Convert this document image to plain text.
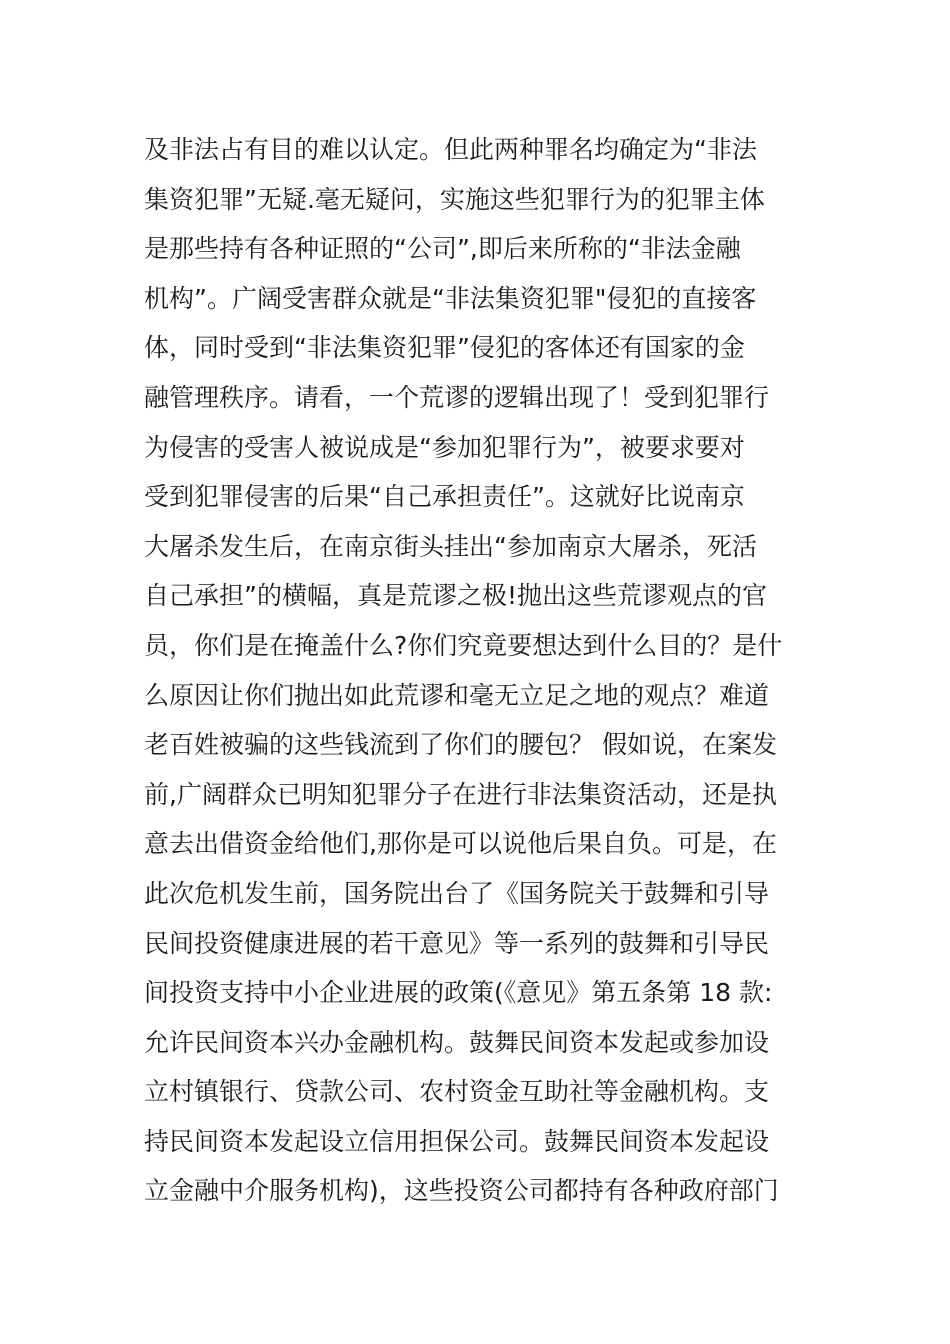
及非法占有目的难以认定。但此两种罪名均确定为“非法
集资犯罪”无疑.毫无疑问，实施这些犯罪行为的犯罪主体
是那些持有各种证照的“公司”,即后来所称的“非法金融
机构”。广阔受害群众就是“非法集资犯罪"侵犯的直接客
体，同时受到“非法集资犯罪”侵犯的客体还有国家的金
融管理秩序。请看，一个荒谬的逻辑出现了！受到犯罪行
为侵害的受害人被说成是“参加犯罪行为”，被要求要对
受到犯罪侵害的后果“自己承担责任”。这就好比说南京
大屠杀发生后，在南京街头挂出“参加南京大屠杀，死活
自己承担”的横幅，真是荒谬之极!抛出这些荒谬观点的官
员，你们是在掩盖什么?你们究竟要想达到什么目的？是什
么原因让你们抛出如此荒谬和毫无立足之地的观点？难道
老百姓被骗的这些钱流到了你们的腰包？ 假如说，在案发
前,广阔群众已明知犯罪分子在进行非法集资活动，还是执
意去出借资金给他们,那你是可以说他后果自负。可是，在
此次危机发生前，国务院出台了《国务院关于鼓舞和引导
民间投资健康进展的若干意见》等一系列的鼓舞和引导民
间投资支持中小企业进展的政策(《意见》第五条第 18 款:
允许民间资本兴办金融机构。鼓舞民间资本发起或参加设
立村镇银行、贷款公司、农村资金互助社等金融机构。支
持民间资本发起设立信用担保公司。鼓舞民间资本发起设
立金融中介服务机构)，这些投资公司都持有各种政府部门
